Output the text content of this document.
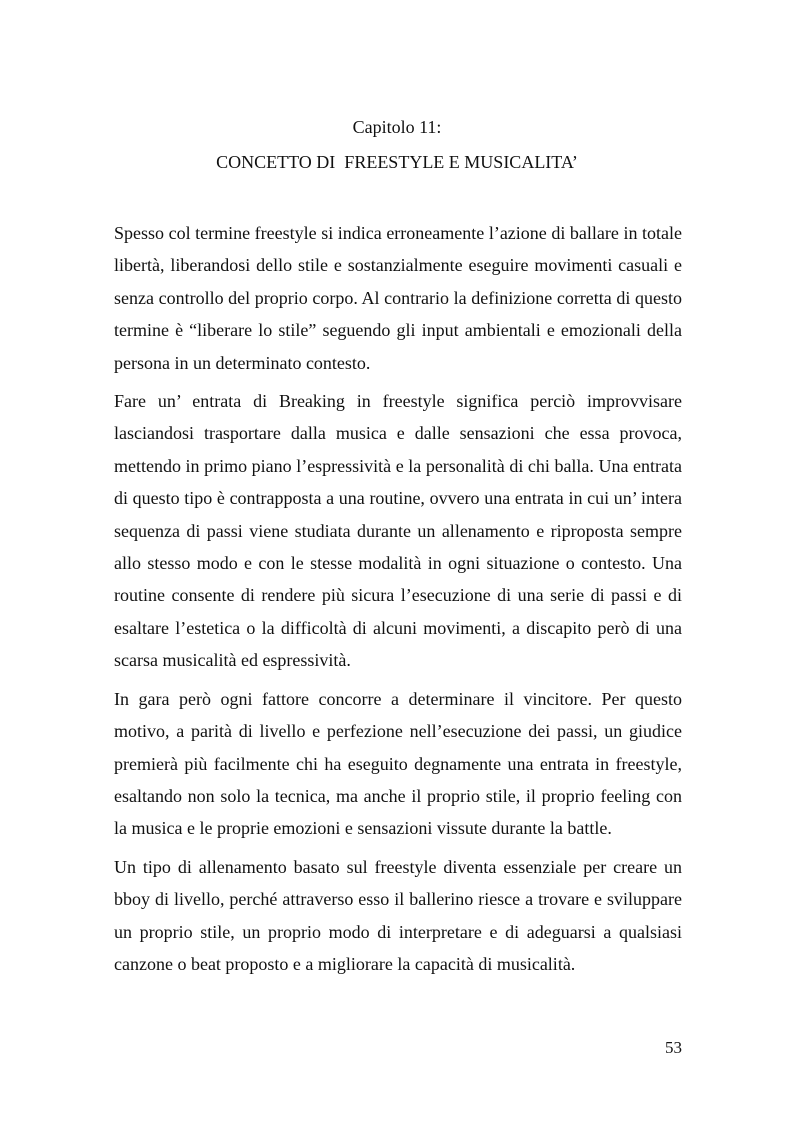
Capitolo 11:
CONCETTO DI  FREESTYLE E MUSICALITA’

Spesso col termine freestyle si indica erroneamente l’azione di ballare in totale libertà, liberandosi dello stile e sostanzialmente eseguire movimenti casuali e senza controllo del proprio corpo. Al contrario la definizione corretta di questo termine è “liberare lo stile” seguendo gli input ambientali e emozionali della persona in un determinato contesto.

Fare un’ entrata di Breaking in freestyle significa perciò improvvisare lasciandosi trasportare dalla musica e dalle sensazioni che essa provoca, mettendo in primo piano l’espressività e la personalità di chi balla. Una entrata di questo tipo è contrapposta a una routine, ovvero una entrata in cui un’ intera sequenza di passi viene studiata durante un allenamento e riproposta sempre allo stesso modo e con le stesse modalità in ogni situazione o contesto. Una routine consente di rendere più sicura l’esecuzione di una serie di passi e di esaltare l’estetica o la difficoltà di alcuni movimenti, a discapito però di una scarsa musicalità ed espressività.

In gara però ogni fattore concorre a determinare il vincitore. Per questo motivo, a parità di livello e perfezione nell’esecuzione dei passi, un giudice premierà più facilmente chi ha eseguito degnamente una entrata in freestyle, esaltando non solo la tecnica, ma anche il proprio stile, il proprio feeling con la musica e le proprie emozioni e sensazioni vissute durante la battle.

Un tipo di allenamento basato sul freestyle diventa essenziale per creare un bboy di livello, perché attraverso esso il ballerino riesce a trovare e sviluppare un proprio stile, un proprio modo di interpretare e di adeguarsi a qualsiasi canzone o beat proposto e a migliorare la capacità di musicalità.

53
